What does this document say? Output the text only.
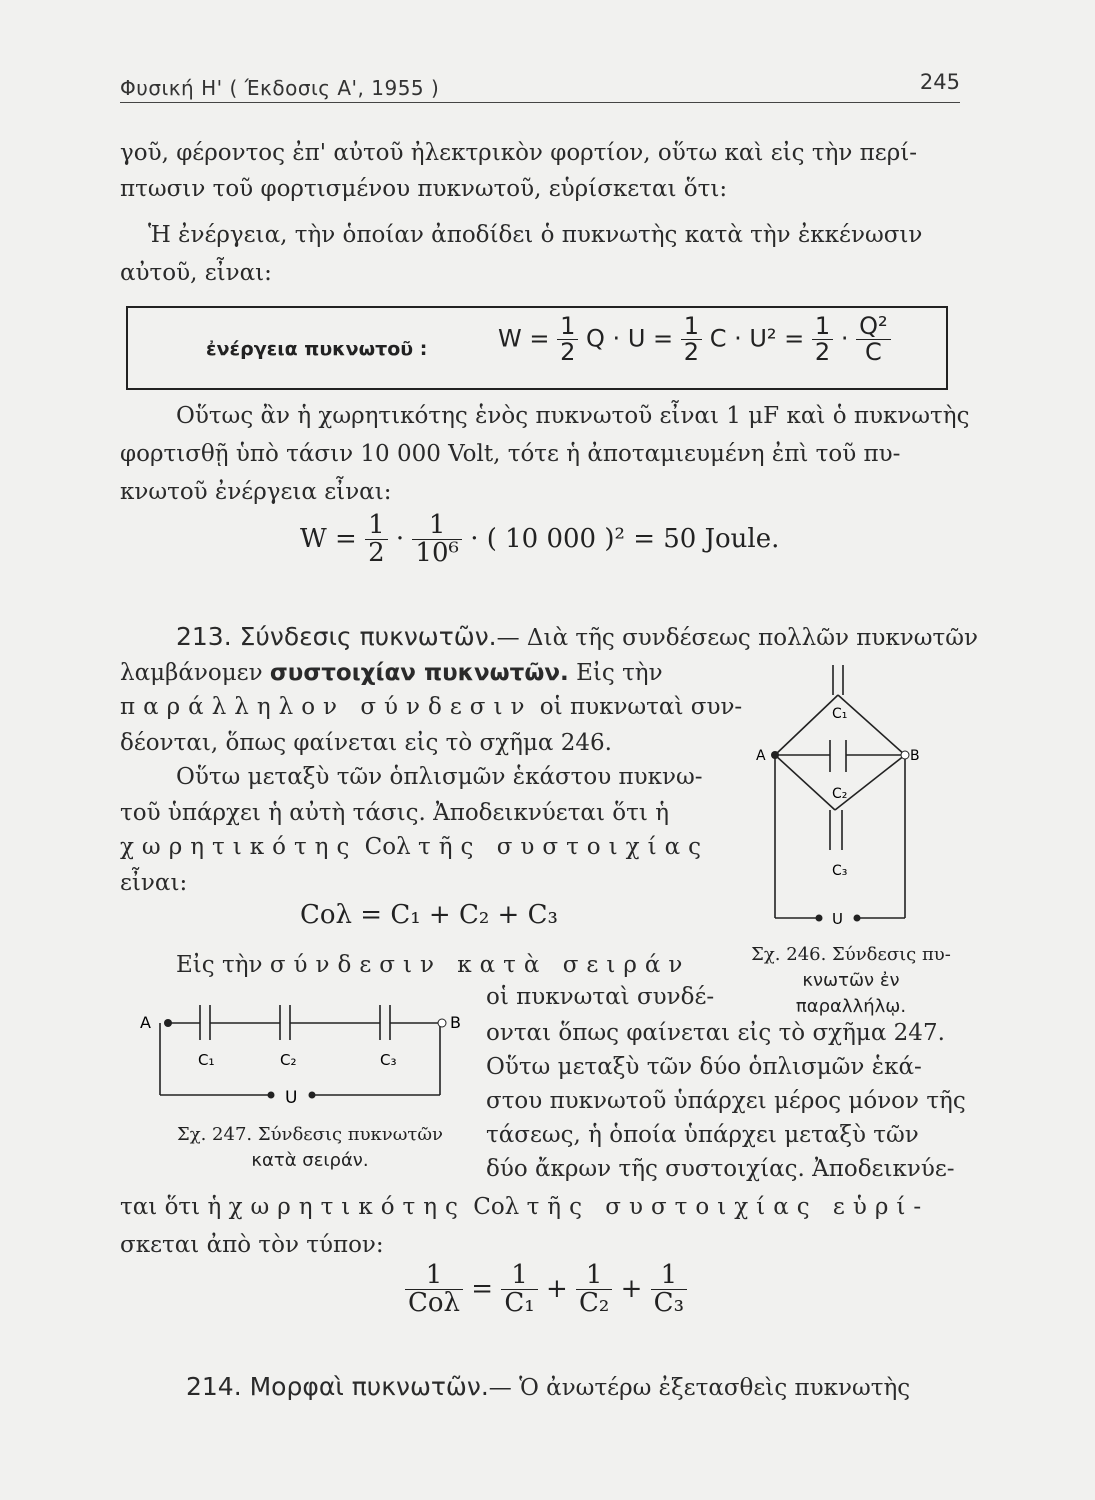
Φυσική Η' ( Έκδοσις Α', 1955 )	245
γοῦ, φέροντος ἐπ' αὐτοῦ ἠλεκτρικὸν φορτίον, οὕτω καὶ εἰς τὴν περί-
πτωσιν τοῦ φορτισμένου πυκνωτοῦ, εὑρίσκεται ὅτι:
Ἡ ἐνέργεια, τὴν ὁποίαν ἀποδίδει ὁ πυκνωτὴς κατὰ τὴν ἐκκένωσιν
αὐτοῦ, εἶναι:
ἐνέργεια πυκνωτοῦ :	$W = \frac{1}{2}$ $Q \cdot U = \frac{1}{2}$ $C \cdot U^2 = \frac{1}{2} \cdot \frac{\text{Q²}}{C}$
Οὕτως ἂν ἡ χωρητικότης ἑνὸς πυκνωτοῦ εἶναι 1 μF καὶ ὁ πυκνωτὴς
φορτισθῇ ὑπὸ τάσιν 10 000 Volt, τότε ἡ ἀποταμιευμένη ἐπὶ τοῦ πυ-
κνωτοῦ ἐνέργεια εἶναι:
$W = \frac{1}{2} \cdot \frac{1}{\text{10⁶}}$ · ( 10 000 )² = 50 Joule.
213. Σύνδεσις πυκνωτῶν.— Διὰ τῆς συνδέσεως πολλῶν πυκνωτῶν
λαμβάνομεν συστοιχίαν πυκνωτῶν. Εἰς τὴν
παράλληλον σύνδεσιν οἱ πυκνωταὶ συν-
δέονται, ὅπως φαίνεται εἰς τὸ σχῆμα 246.
Οὕτω μεταξὺ τῶν ὁπλισμῶν ἑκάστου πυκνω-
τοῦ ὑπάρχει ἡ αὐτὴ τάσις. Ἀποδεικνύεται ὅτι ἡ
χωρητικότης Cολ τῆς συστοιχίας
εἶναι:
Cολ = C₁ + C₂ + C₃
Εἰς τὴν σύνδεσιν κατὰ σειράν
οἱ πυκνωταὶ συνδέ-
ονται ὅπως φαίνεται εἰς τὸ σχῆμα 247.
Οὕτω μεταξὺ τῶν δύο ὁπλισμῶν ἑκά-
στου πυκνωτοῦ ὑπάρχει μέρος μόνον τῆς
τάσεως, ἡ ὁποία ὑπάρχει μεταξὺ τῶν
δύο ἄκρων τῆς συστοιχίας. Ἀποδεικνύε-
ται ὅτι ἡ χωρητικότης Cολ τῆς συστοιχίας εὑρί-
σκεται ἀπὸ τὸν τύπον:
$\frac{1}{\text{Cολ}} = \frac{1}{\text{C₁}} + \frac{1}{\text{C₂}} + \frac{1}{\text{C₃}}$
214. Μορφαὶ πυκνωτῶν.— Ὁ ἀνωτέρω ἐξετασθεὶς πυκνωτὴς
A	B
C₁
C₂
C₃
U
Σχ. 246. Σύνδεσις πυ-
κνωτῶν ἐν παραλλήλῳ.
A	B
C₁	C₂	C₃
U
Σχ. 247. Σύνδεσις πυκνωτῶν
κατὰ σειράν.
